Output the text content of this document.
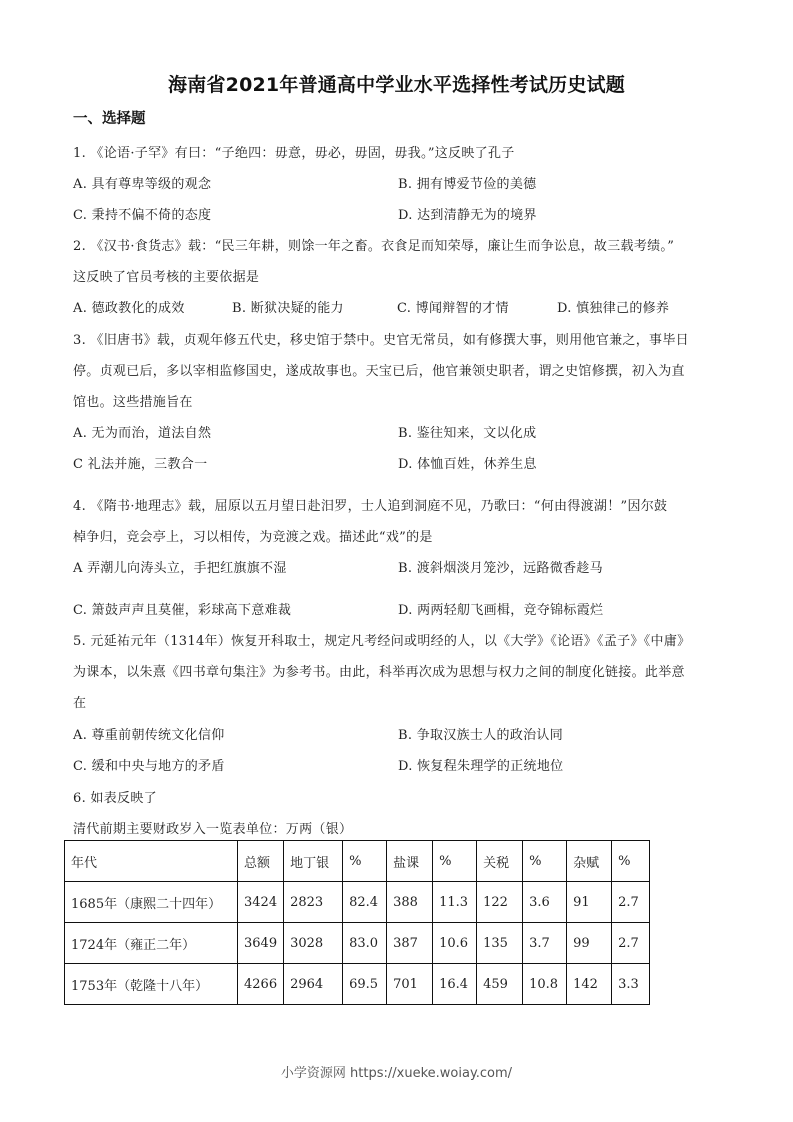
海南省2021年普通高中学业水平选择性考试历史试题
一、选择题
1. 《论语·子罕》有曰：“子绝四：毋意，毋必，毋固，毋我。”这反映了孔子
A. 具有尊卑等级的观念	B. 拥有博爱节俭的美德
C. 秉持不偏不倚的态度	D. 达到清静无为的境界
2. 《汉书·食货志》载：“民三年耕，则馀一年之畜。衣食足而知荣辱，廉让生而争讼息，故三载考绩。”
这反映了官员考核的主要依据是
A. 德政教化的成效	B. 断狱决疑的能力	C. 博闻辩智的才情	D. 慎独律己的修养
3. 《旧唐书》载，贞观年修五代史，移史馆于禁中。史官无常员，如有修撰大事，则用他官兼之，事毕日
停。贞观已后，多以宰相监修国史，遂成故事也。天宝已后，他官兼领史职者，谓之史馆修撰，初入为直
馆也。这些措施旨在
A. 无为而治，道法自然	B. 鉴往知来，文以化成
C 礼法并施，三教合一	D. 体恤百姓，休养生息
4. 《隋书·地理志》载，屈原以五月望日赴汨罗，士人追到洞庭不见，乃歌曰：“何由得渡湖！”因尔鼓
棹争归，竞会亭上，习以相传，为竞渡之戏。描述此“戏”的是
A 弄潮儿向涛头立，手把红旗旗不湿	B. 渡斜烟淡月笼沙，远路微香趁马
C. 箫鼓声声且莫催，彩球高下意难裁	D. 两两轻舠飞画楫，竞夺锦标霞烂
5. 元延祐元年（1314年）恢复开科取士，规定凡考经问或明经的人，以《大学》《论语》《孟子》《中庸》
为课本，以朱熹《四书章句集注》为参考书。由此，科举再次成为思想与权力之间的制度化链接。此举意
在
A. 尊重前朝传统文化信仰	B. 争取汉族士人的政治认同
C. 缓和中央与地方的矛盾	D. 恢复程朱理学的正统地位
6. 如表反映了
清代前期主要财政岁入一览表单位：万两（银）
年代	总额	地丁银	%	盐课	%	关税	%	杂赋	%
1685年（康熙二十四年）	3424	2823	82.4	388	11.3	122	3.6	91	2.7
1724年（雍正二年）	3649	3028	83.0	387	10.6	135	3.7	99	2.7
1753年（乾隆十八年）	4266	2964	69.5	701	16.4	459	10.8	142	3.3
小学资源网 https://xueke.woiay.com/
